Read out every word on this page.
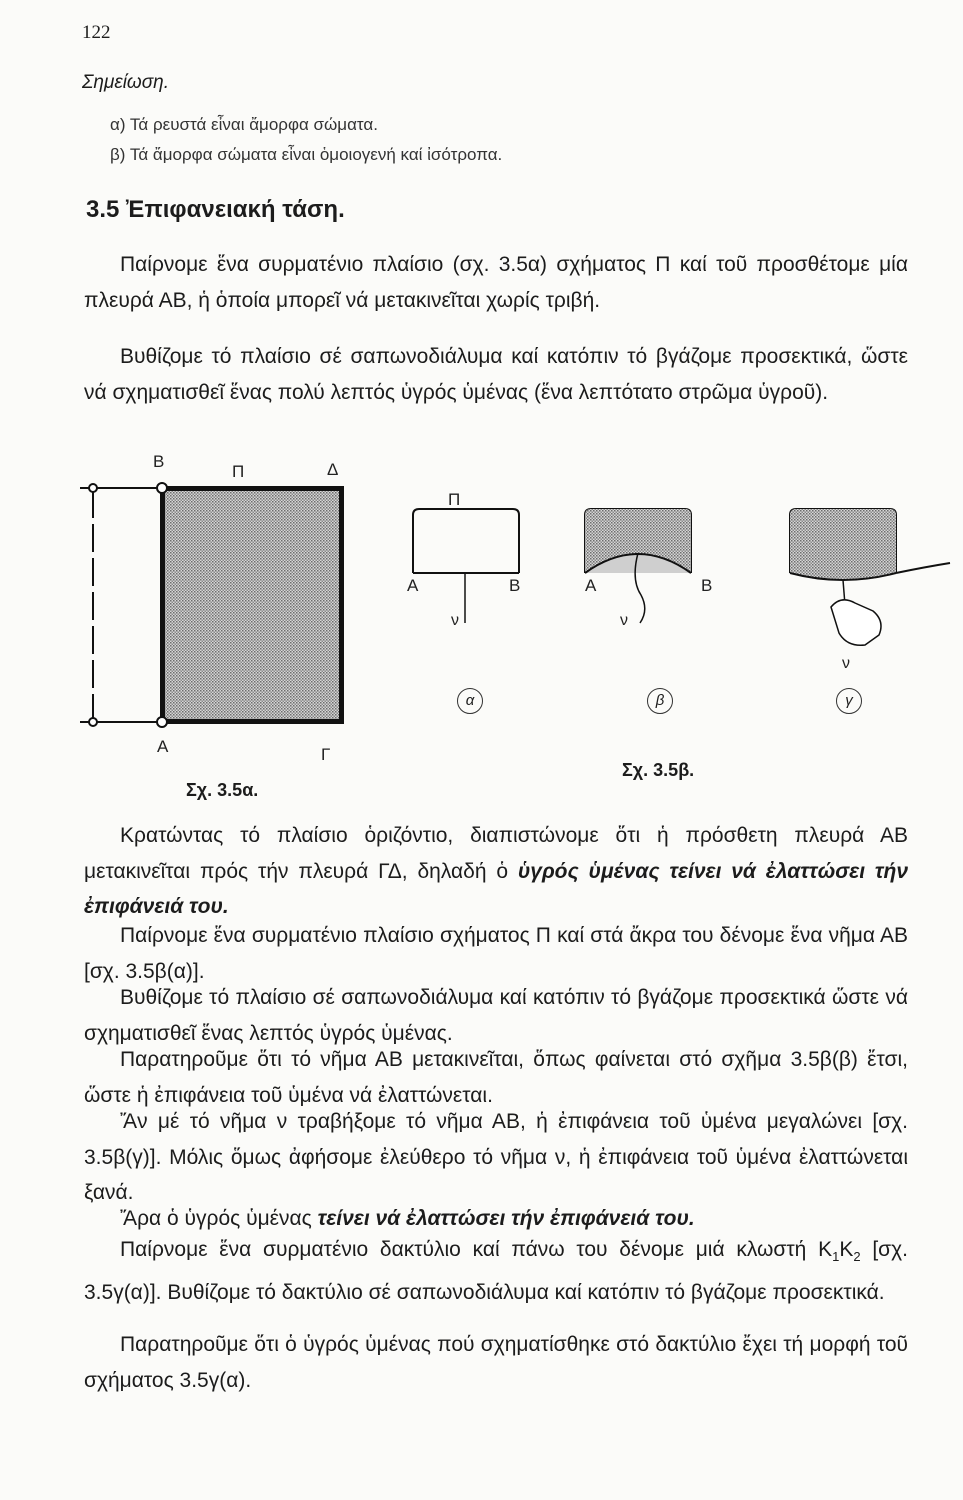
122
Σημείωση.
α) Τά ρευστά εἶναι ἄμορφα σώματα.
β) Τά ἄμορφα σώματα εἶναι ὁμοιογενή καί ἰσότροπα.
3.5 Ἐπιφανειακή τάση.

Παίρνομε ἕνα συρματένιο πλαίσιο (σχ. 3.5α) σχήματος Π καί τοῦ προσθέτομε μία πλευρά ΑΒ, ἡ ὁποία μπορεῖ νά μετακινεῖται χωρίς τριβή.

Βυθίζομε τό πλαίσιο σέ σαπωνοδιάλυμα καί κατόπιν τό βγάζομε προσεκτικά, ὥστε νά σχηματισθεῖ ἕνας πολύ λεπτός ὑγρός ὑμένας (ἕνα λεπτότατο στρῶμα ὑγροῦ).

Β
Π	Δ
Α	Γ
Σχ. 3.5α.
Π
Α	Β	Α	Β
ν	ν
ν
α	β	γ
Σχ. 3.5β.

Κρατώντας τό πλαίσιο ὁριζόντιο, διαπιστώνομε ὅτι ἡ πρόσθετη πλευρά ΑΒ μετακινεῖται πρός τήν πλευρά ΓΔ, δηλαδή ὁ ὑγρός ὑμένας τείνει νά ἐλαττώσει τήν ἐπιφάνειά του.

Παίρνομε ἕνα συρματένιο πλαίσιο σχήματος Π καί στά ἄκρα του δένομε ἕνα νῆμα ΑΒ [σχ. 3.5β(α)].

Βυθίζομε τό πλαίσιο σέ σαπωνοδιάλυμα καί κατόπιν τό βγάζομε προσεκτικά ὥστε νά σχηματισθεῖ ἕνας λεπτός ὑγρός ὑμένας.

Παρατηροῦμε ὅτι τό νῆμα ΑΒ μετακινεῖται, ὅπως φαίνεται στό σχῆμα 3.5β(β) ἔτσι, ὥστε ἡ ἐπιφάνεια τοῦ ὑμένα νά ἐλαττώνεται.

Ἄν μέ τό νῆμα ν τραβήξομε τό νῆμα ΑΒ, ἡ ἐπιφάνεια τοῦ ὑμένα μεγαλώνει [σχ. 3.5β(γ)]. Μόλις ὅμως ἀφήσομε ἐλεύθερο τό νῆμα ν, ἡ ἐπιφάνεια τοῦ ὑμένα ἐλαττώνεται ξανά.

Ἄρα ὁ ὑγρός ὑμένας τείνει νά ἐλαττώσει τήν ἐπιφάνειά του.

Παίρνομε ἕνα συρματένιο δακτύλιο καί πάνω του δένομε μιά κλωστή $K_1K_2$ [σχ. 3.5γ(α)]. Βυθίζομε τό δακτύλιο σέ σαπωνοδιάλυμα καί κατόπιν τό βγάζομε προσεκτικά.

Παρατηροῦμε ὅτι ὁ ὑγρός ὑμένας πού σχηματίσθηκε στό δακτύλιο ἔχει τή μορφή τοῦ σχήματος 3.5γ(α).
